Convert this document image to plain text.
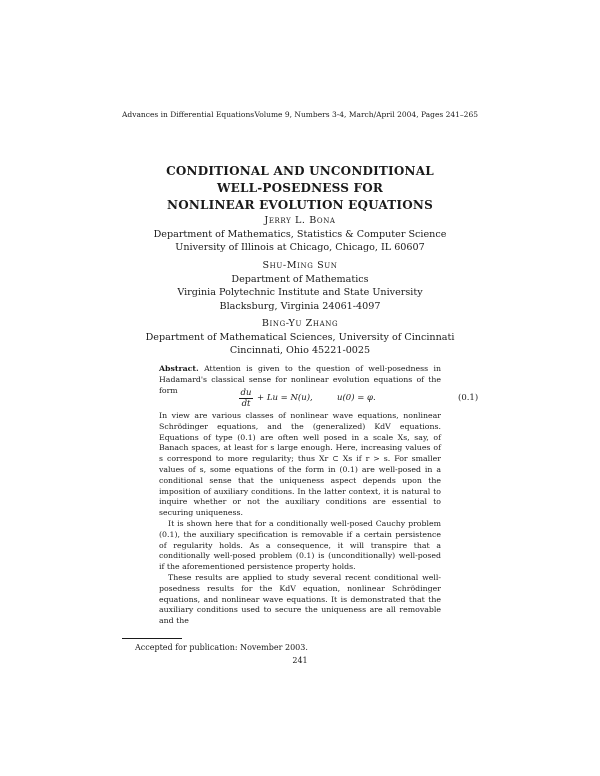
Advances in Differential Equations Volume 9, Numbers 3-4, March/April 2004, Pages 241–265
CONDITIONAL AND UNCONDITIONAL
WELL-POSEDNESS FOR
NONLINEAR EVOLUTION EQUATIONS
Jerry L. Bona
Department of Mathematics, Statistics & Computer Science
University of Illinois at Chicago, Chicago, IL 60607
Shu-Ming Sun
Department of Mathematics
Virginia Polytechnic Institute and State University
Blacksburg, Virginia 24061-4097
Bing-Yu Zhang
Department of Mathematical Sciences, University of Cincinnati
Cincinnati, Ohio 45221-0025

Abstract. Attention is given to the question of well-posedness in Hadamard's classical sense for nonlinear evolution equations of the form	$\frac{du}{dt} + Lu = N(u)$,	u(0) = φ.	(0.1)

In view are various classes of nonlinear wave equations, nonlinear Schrödinger equations, and the (generalized) KdV equations. Equations of type (0.1) are often well posed in a scale Xs, say, of Banach spaces, at least for s large enough. Here, increasing values of s correspond to more regularity; thus Xr ⊂ Xs if r > s. For smaller values of s, some equations of the form in (0.1) are well-posed in a conditional sense that the uniqueness aspect depends upon the imposition of auxiliary conditions. In the latter context, it is natural to inquire whether or not the auxiliary conditions are essential to securing uniqueness.

It is shown here that for a conditionally well-posed Cauchy problem (0.1), the auxiliary specification is removable if a certain persistence of regularity holds. As a consequence, it will transpire that a conditionally well-posed problem (0.1) is (unconditionally) well-posed if the aforementioned persistence property holds.

These results are applied to study several recent conditional well-posedness results for the KdV equation, nonlinear Schrödinger equations, and nonlinear wave equations. It is demonstrated that the auxiliary conditions used to secure the uniqueness are all removable and the

Accepted for publication: November 2003.
241
